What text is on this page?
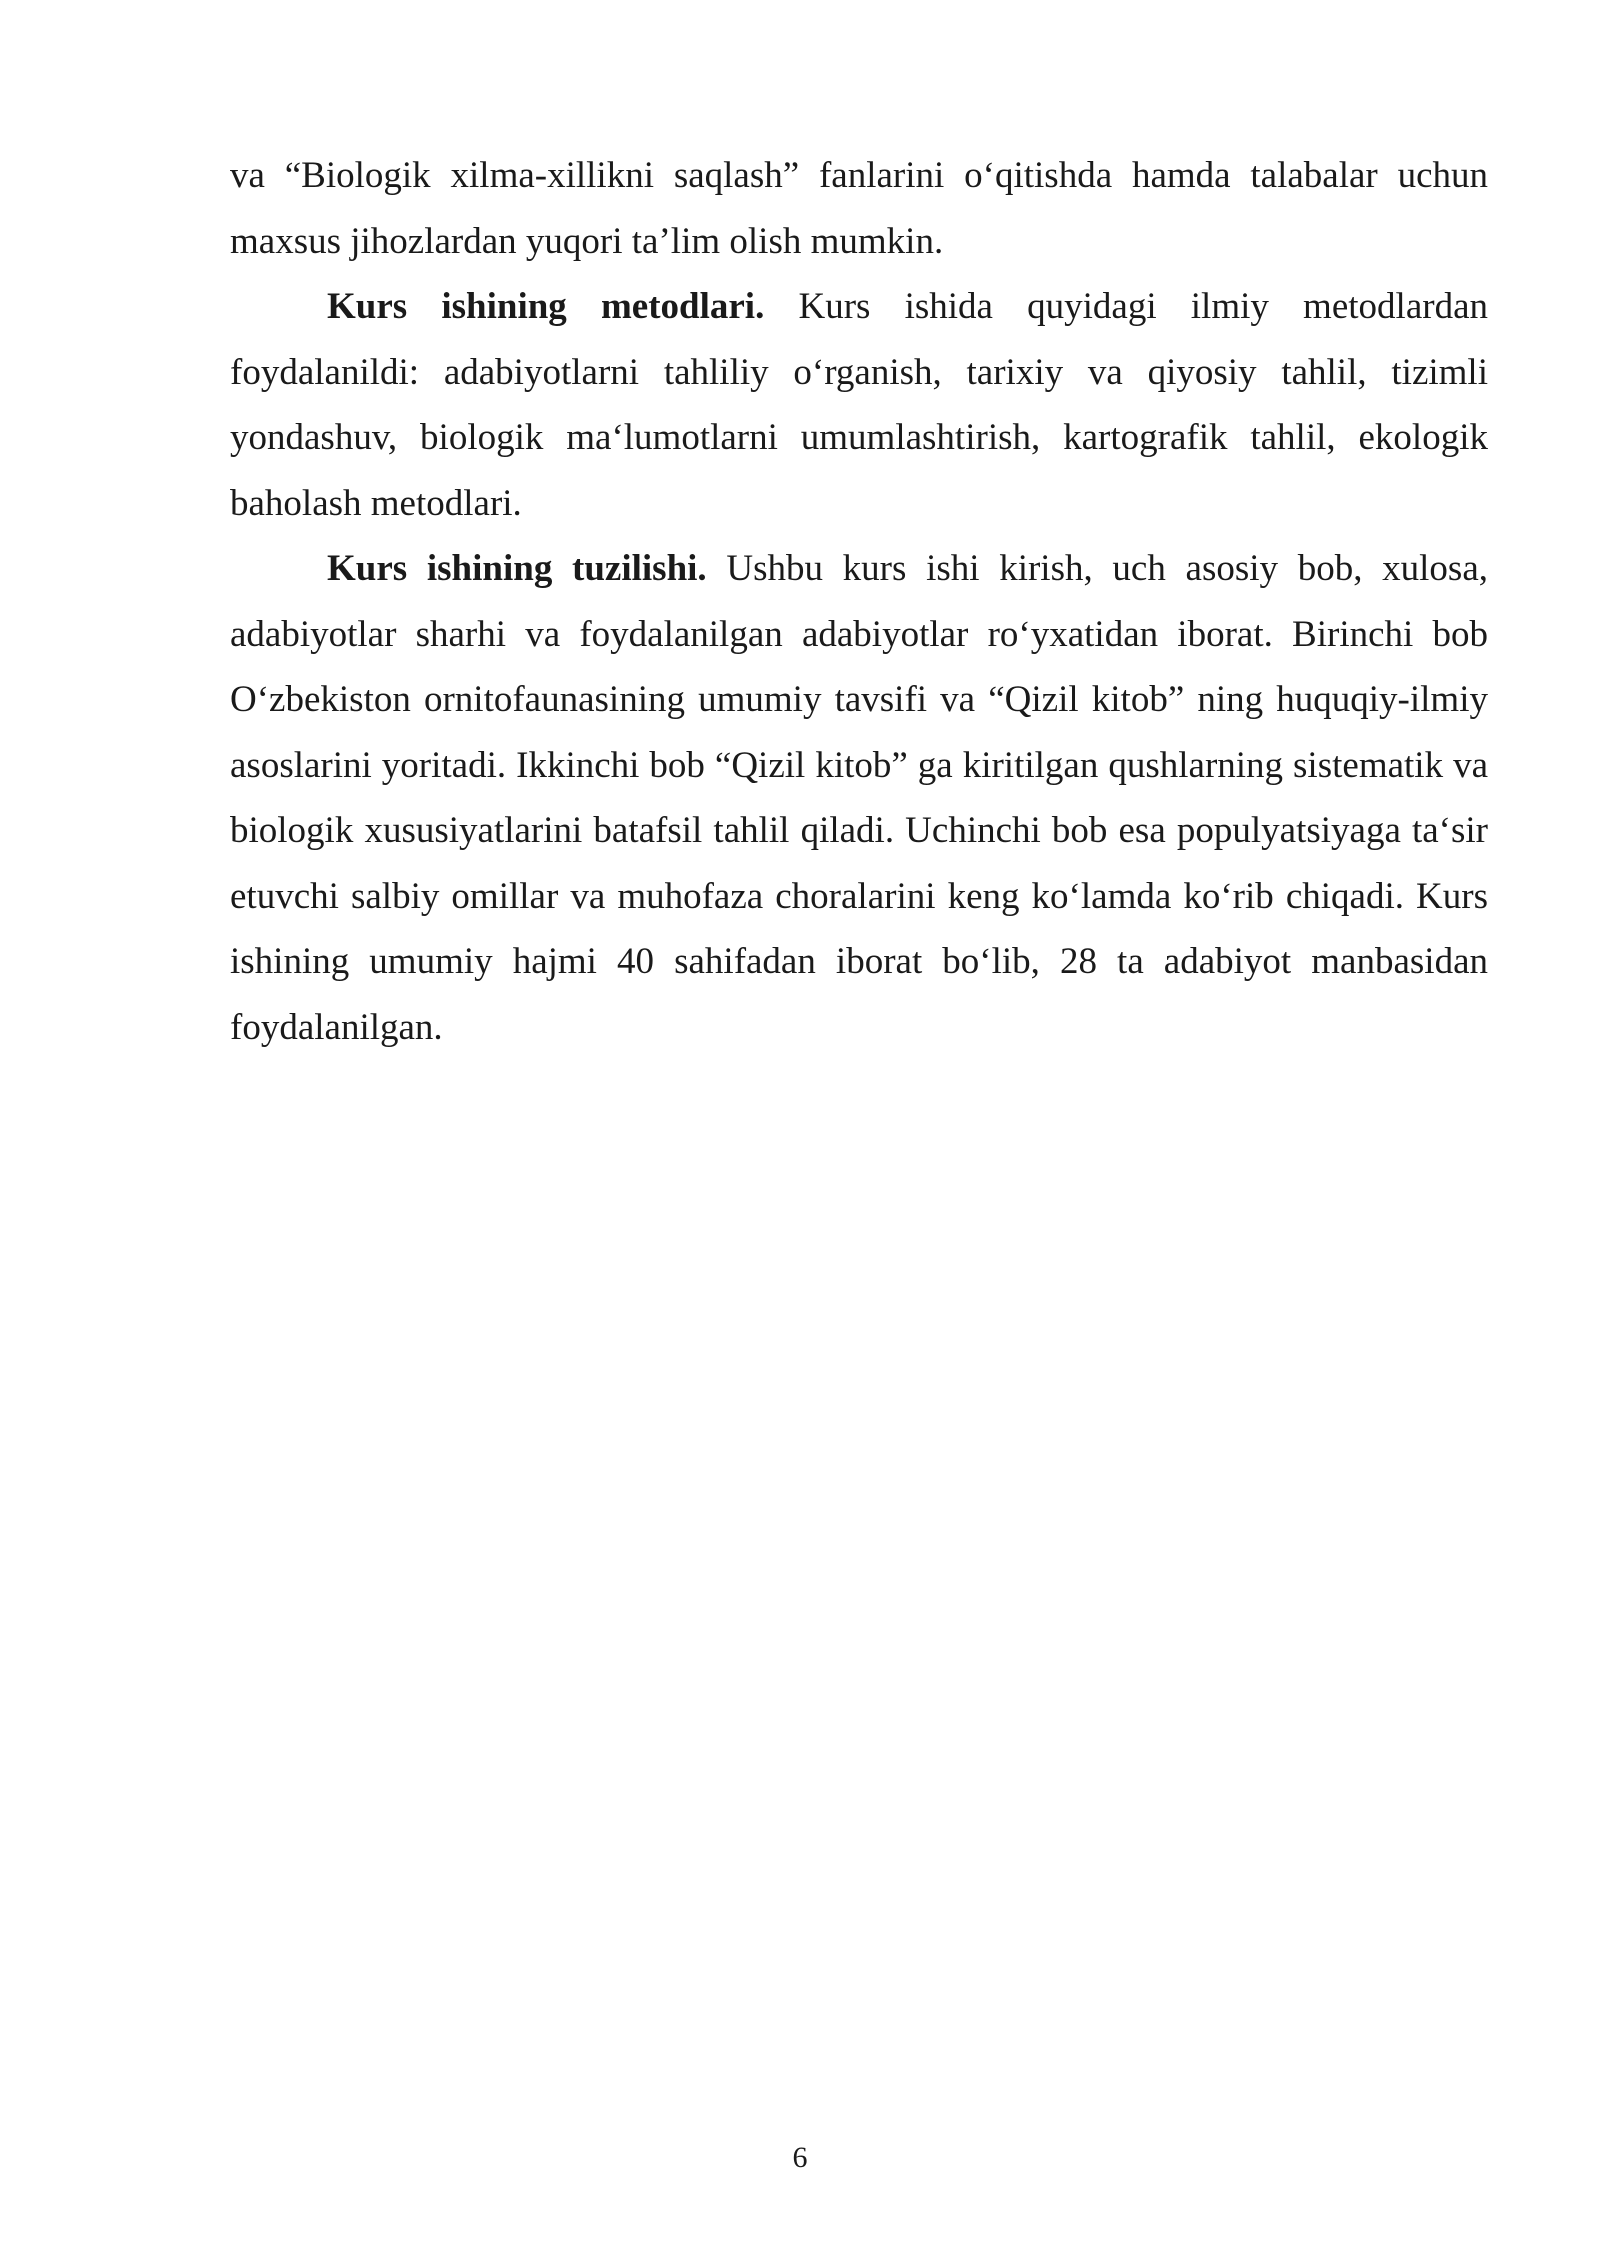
va “Biologik xilma-xillikni saqlash” fanlarini o‘qitishda hamda talabalar uchun maxsus jihozlardan yuqori ta’lim olish mumkin.

Kurs ishining metodlari. Kurs ishida quyidagi ilmiy metodlardan foydalanildi: adabiyotlarni tahliliy o‘rganish, tarixiy va qiyosiy tahlil, tizimli yondashuv, biologik ma‘lumotlarni umumlashtirish, kartografik tahlil, ekologik baholash metodlari.

Kurs ishining tuzilishi. Ushbu kurs ishi kirish, uch asosiy bob, xulosa, adabiyotlar sharhi va foydalanilgan adabiyotlar ro‘yxatidan iborat. Birinchi bob O‘zbekiston ornitofaunasining umumiy tavsifi va “Qizil kitob” ning huquqiy-ilmiy asoslarini yoritadi. Ikkinchi bob “Qizil kitob” ga kiritilgan qushlarning sistematik va biologik xususiyatlarini batafsil tahlil qiladi. Uchinchi bob esa populyatsiyaga ta‘sir etuvchi salbiy omillar va muhofaza choralarini keng ko‘lamda ko‘rib chiqadi. Kurs ishining umumiy hajmi 40 sahifadan iborat bo‘lib, 28 ta adabiyot manbasidan foydalanilgan.

6
